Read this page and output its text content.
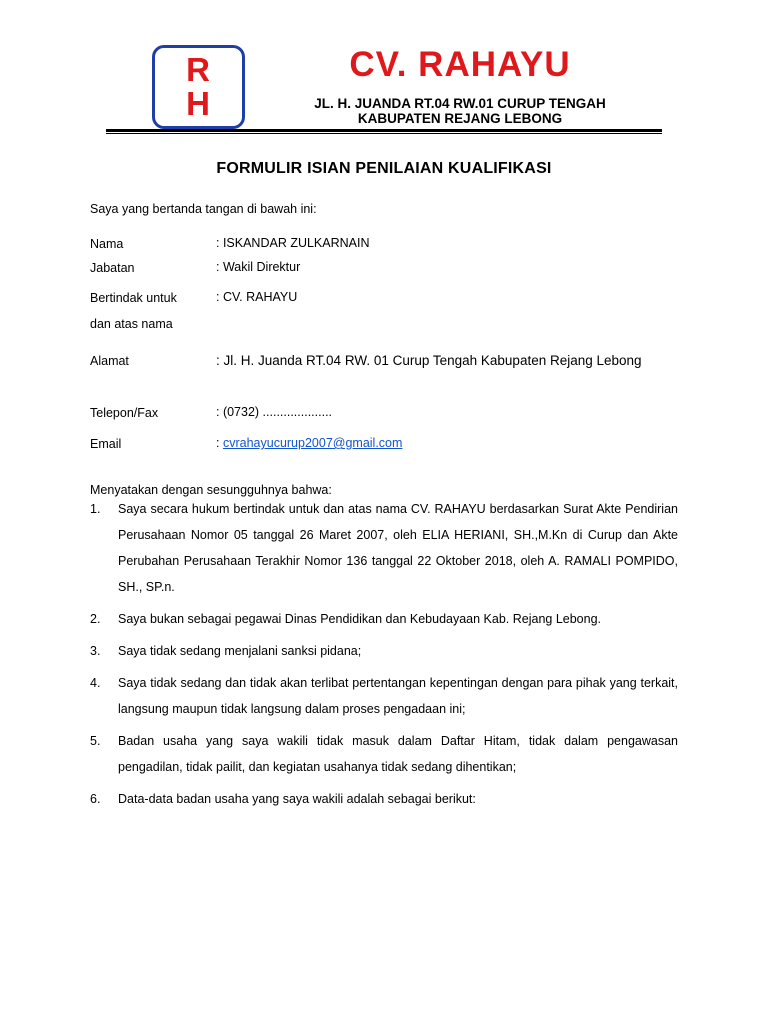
R
H
CV. RAHAYU
JL. H. JUANDA RT.04 RW.01 CURUP TENGAH
KABUPATEN REJANG LEBONG
FORMULIR ISIAN PENILAIAN KUALIFIKASI
Saya yang bertanda tangan di bawah ini:
Nama	: ISKANDAR ZULKARNAIN
Jabatan	: Wakil Direktur
Bertindak untuk	: CV. RAHAYU
dan atas nama
Alamat	: Jl. H. Juanda RT.04 RW. 01 Curup Tengah Kabupaten Rejang Lebong
Telepon/Fax	: (0732) ....................
Email	: cvrahayucurup2007@gmail.com
Menyatakan dengan sesungguhnya bahwa:
1.	Saya secara hukum bertindak untuk dan atas nama CV. RAHAYU berdasarkan Surat Akte Pendirian Perusahaan Nomor 05 tanggal 26 Maret 2007, oleh ELIA HERIANI, SH.,M.Kn di Curup dan Akte Perubahan Perusahaan Terakhir Nomor 136 tanggal 22 Oktober 2018, oleh A. RAMALI POMPIDO, SH., SP.n.
2.	Saya bukan sebagai pegawai Dinas Pendidikan dan Kebudayaan Kab. Rejang Lebong.
3.	Saya tidak sedang menjalani sanksi pidana;
4.	Saya tidak sedang dan tidak akan terlibat pertentangan kepentingan dengan para pihak yang terkait, langsung maupun tidak langsung dalam proses pengadaan ini;
5.	Badan usaha yang saya wakili tidak masuk dalam Daftar Hitam, tidak dalam pengawasan pengadilan, tidak pailit, dan kegiatan usahanya tidak sedang dihentikan;
6.	Data-data badan usaha yang saya wakili adalah sebagai berikut:
